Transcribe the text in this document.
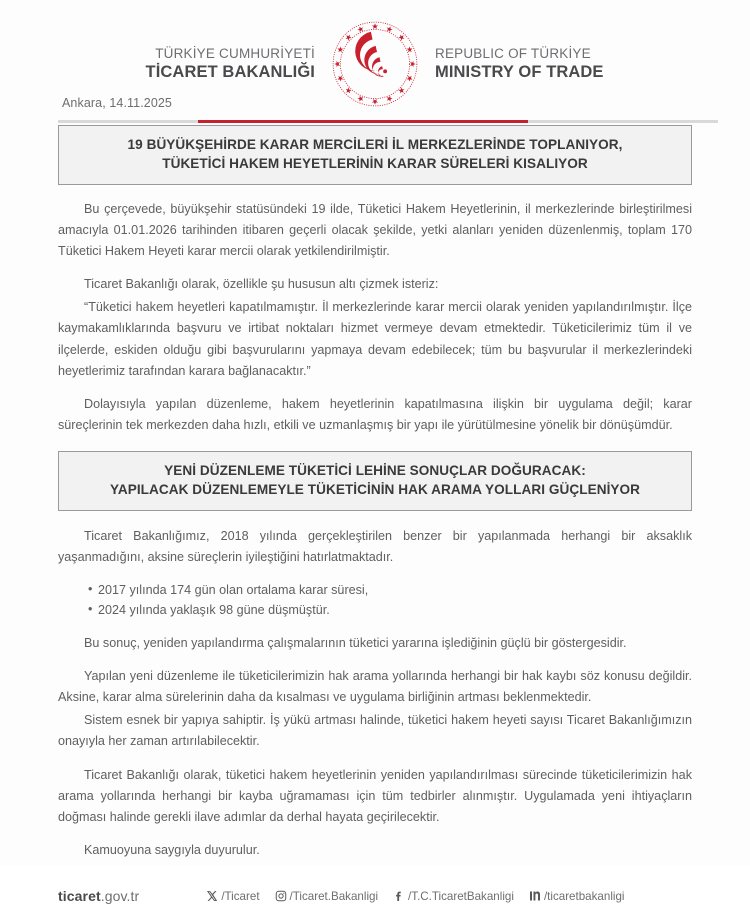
TÜRKİYE CUMHURİYETİ
TİCARET BAKANLIĞI
REPUBLIC OF TÜRKİYE
MINISTRY OF TRADE
Ankara, 14.11.2025
19 BÜYÜKŞEHİRDE KARAR MERCİLERİ İL MERKEZLERİNDE TOPLANIYOR,
TÜKETİCİ HAKEM HEYETLERİNİN KARAR SÜRELERİ KISALIYOR

Bu çerçevede, büyükşehir statüsündeki 19 ilde, Tüketici Hakem Heyetlerinin, il merkezlerinde birleştirilmesi amacıyla 01.01.2026 tarihinden itibaren geçerli olacak şekilde, yetki alanları yeniden düzenlenmiş, toplam 170 Tüketici Hakem Heyeti karar mercii olarak yetkilendirilmiştir.

Ticaret Bakanlığı olarak, özellikle şu hususun altı çizmek isteriz:

“Tüketici hakem heyetleri kapatılmamıştır. İl merkezlerinde karar mercii olarak yeniden yapılandırılmıştır. İlçe kaymakamlıklarında başvuru ve irtibat noktaları hizmet vermeye devam etmektedir. Tüketicilerimiz tüm il ve ilçelerde, eskiden olduğu gibi başvurularını yapmaya devam edebilecek; tüm bu başvurular il merkezlerindeki heyetlerimiz tarafından karara bağlanacaktır.”

Dolayısıyla yapılan düzenleme, hakem heyetlerinin kapatılmasına ilişkin bir uygulama değil; karar süreçlerinin tek merkezden daha hızlı, etkili ve uzmanlaşmış bir yapı ile yürütülmesine yönelik bir dönüşümdür.

YENİ DÜZENLEME TÜKETİCİ LEHİNE SONUÇLAR DOĞURACAK:
YAPILACAK DÜZENLEMEYLE TÜKETİCİNİN HAK ARAMA YOLLARI GÜÇLENİYOR

Ticaret Bakanlığımız, 2018 yılında gerçekleştirilen benzer bir yapılanmada herhangi bir aksaklık yaşanmadığını, aksine süreçlerin iyileştiğini hatırlatmaktadır.

• 2017 yılında 174 gün olan ortalama karar süresi,
• 2024 yılında yaklaşık 98 güne düşmüştür.

Bu sonuç, yeniden yapılandırma çalışmalarının tüketici yararına işlediğinin güçlü bir göstergesidir.

Yapılan yeni düzenleme ile tüketicilerimizin hak arama yollarında herhangi bir hak kaybı söz konusu değildir. Aksine, karar alma sürelerinin daha da kısalması ve uygulama birliğinin artması beklenmektedir.

Sistem esnek bir yapıya sahiptir. İş yükü artması halinde, tüketici hakem heyeti sayısı Ticaret Bakanlığımızın onayıyla her zaman artırılabilecektir.

Ticaret Bakanlığı olarak, tüketici hakem heyetlerinin yeniden yapılandırılması sürecinde tüketicilerimizin hak arama yollarında herhangi bir kayba uğramaması için tüm tedbirler alınmıştır. Uygulamada yeni ihtiyaçların doğması halinde gerekli ilave adımlar da derhal hayata geçirilecektir.

Kamuoyuna saygıyla duyurulur.

ticaret.gov.tr	/Ticaret	/Ticaret.Bakanligi	/T.C.TicaretBakanligi	/ticaretbakanligi
